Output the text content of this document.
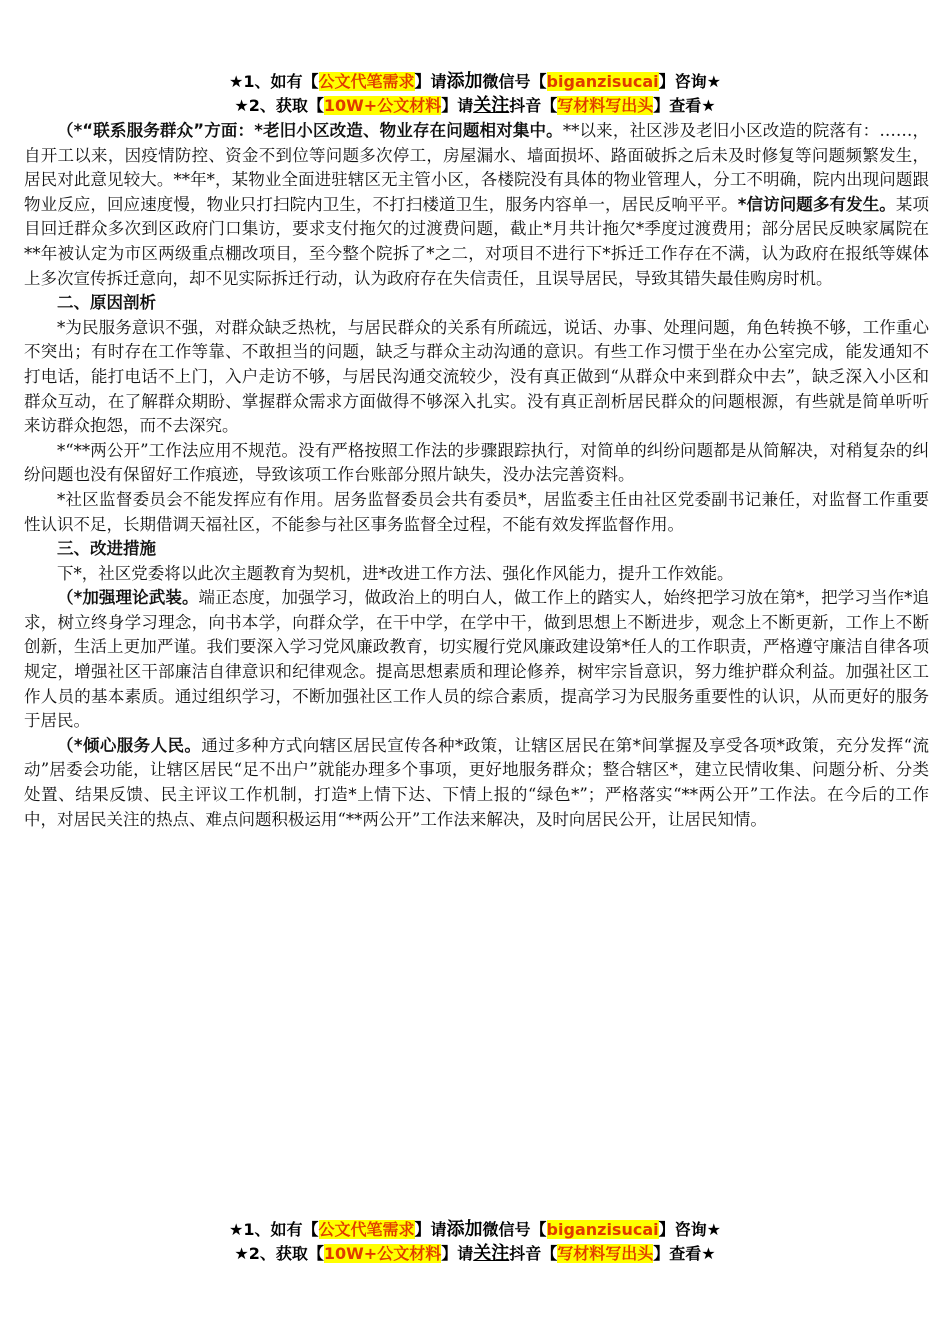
★1、如有【公文代笔需求】请添加微信号【biganzisucai】咨询★
★2、获取【10W+公文材料】请关注抖音【写材料写出头】查看★

（*“联系服务群众”方面：*老旧小区改造、物业存在问题相对集中。**以来，社区涉及老旧小区改造的院落有：……，自开工以来，因疫情防控、资金不到位等问题多次停工，房屋漏水、墙面损坏、路面破拆之后未及时修复等问题频繁发生，居民对此意见较大。**年*，某物业全面进驻辖区无主管小区，各楼院没有具体的物业管理人，分工不明确，院内出现问题跟物业反应，回应速度慢，物业只打扫院内卫生，不打扫楼道卫生，服务内容单一，居民反响平平。*信访问题多有发生。某项目回迁群众多次到区政府门口集访，要求支付拖欠的过渡费问题，截止*月共计拖欠*季度过渡费用；部分居民反映家属院在**年被认定为市区两级重点棚改项目，至今整个院拆了*之二，对项目不进行下*拆迁工作存在不满，认为政府在报纸等媒体上多次宣传拆迁意向，却不见实际拆迁行动，认为政府存在失信责任，且误导居民，导致其错失最佳购房时机。

二、原因剖析

*为民服务意识不强，对群众缺乏热枕，与居民群众的关系有所疏远，说话、办事、处理问题，角色转换不够，工作重心不突出；有时存在工作等靠、不敢担当的问题，缺乏与群众主动沟通的意识。有些工作习惯于坐在办公室完成，能发通知不打电话，能打电话不上门，入户走访不够，与居民沟通交流较少，没有真正做到“从群众中来到群众中去”，缺乏深入小区和群众互动，在了解群众期盼、掌握群众需求方面做得不够深入扎实。没有真正剖析居民群众的问题根源，有些就是简单听听来访群众抱怨，而不去深究。

*“**两公开”工作法应用不规范。没有严格按照工作法的步骤跟踪执行，对简单的纠纷问题都是从简解决，对稍复杂的纠纷问题也没有保留好工作痕迹，导致该项工作台账部分照片缺失，没办法完善资料。

*社区监督委员会不能发挥应有作用。居务监督委员会共有委员*，居监委主任由社区党委副书记兼任，对监督工作重要性认识不足，长期借调天福社区，不能参与社区事务监督全过程，不能有效发挥监督作用。

三、改进措施

下*，社区党委将以此次主题教育为契机，进*改进工作方法、强化作风能力，提升工作效能。

（*加强理论武装。端正态度，加强学习，做政治上的明白人，做工作上的踏实人，始终把学习放在第*，把学习当作*追求，树立终身学习理念，向书本学，向群众学，在干中学，在学中干，做到思想上不断进步，观念上不断更新，工作上不断创新，生活上更加严谨。我们要深入学习党风廉政教育，切实履行党风廉政建设第*任人的工作职责，严格遵守廉洁自律各项规定，增强社区干部廉洁自律意识和纪律观念。提高思想素质和理论修养，树牢宗旨意识，努力维护群众利益。加强社区工作人员的基本素质。通过组织学习，不断加强社区工作人员的综合素质，提高学习为民服务重要性的认识，从而更好的服务于居民。

（*倾心服务人民。通过多种方式向辖区居民宣传各种*政策，让辖区居民在第*间掌握及享受各项*政策，充分发挥“流动”居委会功能，让辖区居民“足不出户”就能办理多个事项，更好地服务群众；整合辖区*，建立民情收集、问题分析、分类处置、结果反馈、民主评议工作机制，打造*上情下达、下情上报的“绿色*”；严格落实“**两公开”工作法。在今后的工作中，对居民关注的热点、难点问题积极运用“**两公开”工作法来解决，及时向居民公开，让居民知情。

★1、如有【公文代笔需求】请添加微信号【biganzisucai】咨询★
★2、获取【10W+公文材料】请关注抖音【写材料写出头】查看★
